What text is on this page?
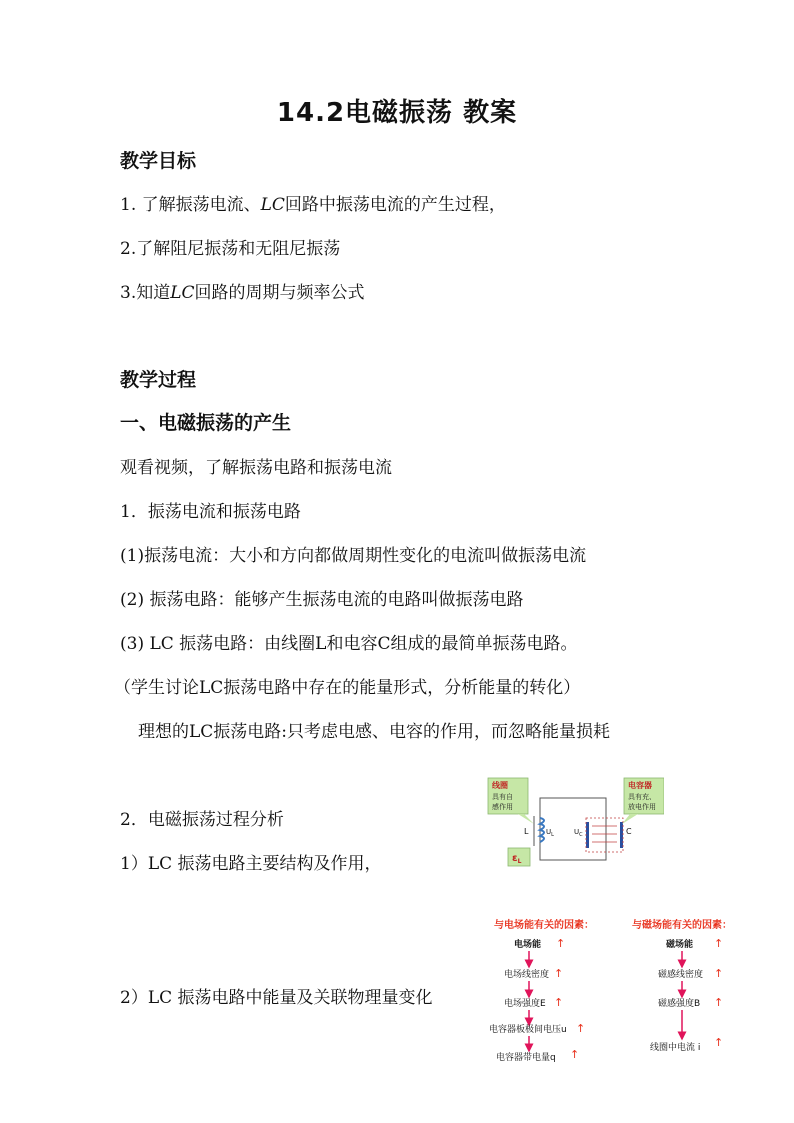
14.2电磁振荡 教案
教学目标
1. 了解振荡电流、LC回路中振荡电流的产生过程，
2.了解阻尼振荡和无阻尼振荡
3.知道LC回路的周期与频率公式
教学过程
一、电磁振荡的产生
观看视频，了解振荡电路和振荡电流
1．振荡电流和振荡电路
(1)振荡电流：大小和方向都做周期性变化的电流叫做振荡电流
(2) 振荡电路：能够产生振荡电流的电路叫做振荡电路
(3) LC 振荡电路：由线圈L和电容C组成的最简单振荡电路。
（学生讨论LC振荡电路中存在的能量形式，分析能量的转化）
理想的LC振荡电路:只考虑电感、电容的作用，而忽略能量损耗
2．电磁振荡过程分析
1）LC 振荡电路主要结构及作用，
2）LC 振荡电路中能量及关联物理量变化
线圈
具有自
感作用
电容器
具有充、
放电作用
L	$U_L$	$U_C$	C
$\varepsilon_L$
与电场能有关的因素：
电场能 ↑
电场线密度 ↑
电场强度E ↑
电容器板极间电压u ↑
电容器带电量q ↑
与磁场能有关的因素：
磁场能 ↑
磁感线密度 ↑
磁感强度B ↑
线圈中电流 i ↑
